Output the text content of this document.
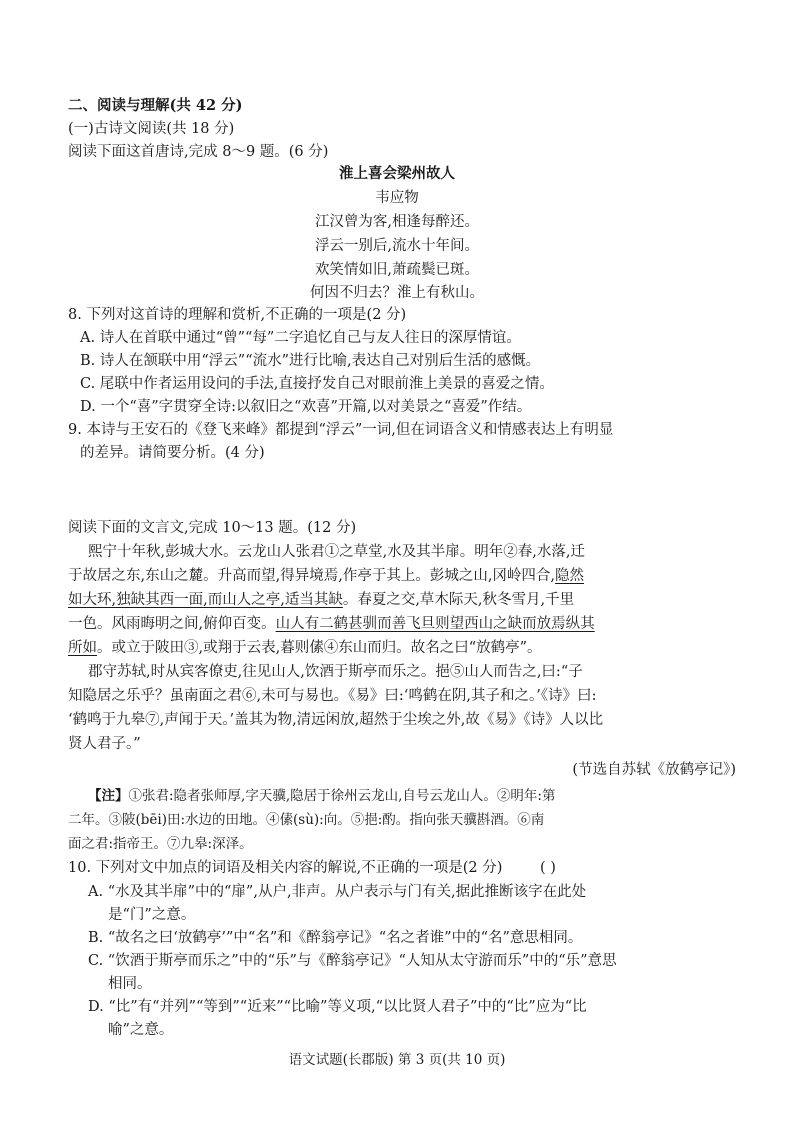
二、阅读与理解(共 42 分)
(一)古诗文阅读(共 18 分)
阅读下面这首唐诗,完成 8～9 题。(6 分)
淮上喜会梁州故人
韦应物
江汉曾为客,相逢每醉还。
浮云一别后,流水十年间。
欢笑情如旧,萧疏鬓已斑。
何因不归去？淮上有秋山。
8. 下列对这首诗的理解和赏析,不正确的一项是(2 分)
A. 诗人在首联中通过“曾”“每”二字追忆自己与友人往日的深厚情谊。
B. 诗人在颔联中用“浮云”“流水”进行比喻,表达自己对别后生活的感慨。
C. 尾联中作者运用设问的手法,直接抒发自己对眼前淮上美景的喜爱之情。
D. 一个“喜”字贯穿全诗:以叙旧之“欢喜”开篇,以对美景之“喜爱”作结。
9. 本诗与王安石的《登飞来峰》都提到“浮云”一词,但在词语含义和情感表达上有明显
的差异。请简要分析。(4 分)
阅读下面的文言文,完成 10～13 题。(12 分)
熙宁十年秋,彭城大水。云龙山人张君①之草堂,水及其半扉。明年②春,水落,迁
于故居之东,东山之麓。升高而望,得异境焉,作亭于其上。彭城之山,冈岭四合,隐然
如大环,独缺其西一面,而山人之亭,适当其缺。春夏之交,草木际天,秋冬雪月,千里
一色。风雨晦明之间,俯仰百变。山人有二鹤甚驯而善飞旦则望西山之缺而放焉纵其
所如。或立于陂田③,或翔于云表,暮则傃④东山而归。故名之曰“放鹤亭”。
郡守苏轼,时从宾客僚吏,往见山人,饮酒于斯亭而乐之。挹⑤山人而告之,曰:“子
知隐居之乐乎？虽南面之君⑥,未可与易也。《易》曰:‘鸣鹤在阴,其子和之。’《诗》曰:
‘鹤鸣于九皋⑦,声闻于天。’盖其为物,清远闲放,超然于尘埃之外,故《易》《诗》人以比
贤人君子。”
(节选自苏轼《放鹤亭记》)
【注】①张君:隐者张师厚,字天骥,隐居于徐州云龙山,自号云龙山人。②明年:第
二年。③陂(bēi)田:水边的田地。④傃(sù):向。⑤挹:酌。指向张天骥斟酒。⑥南
面之君:指帝王。⑦九皋:深泽。
10. 下列对文中加点的词语及相关内容的解说,不正确的一项是(2 分)	( )
A. “水及其半扉”中的“扉”,从户,非声。从户表示与门有关,据此推断该字在此处
是“门”之意。
B. “故名之曰‘放鹤亭’”中“名”和《醉翁亭记》“名之者谁”中的“名”意思相同。
C. “饮酒于斯亭而乐之”中的“乐”与《醉翁亭记》“人知从太守游而乐”中的“乐”意思
相同。
D. “比”有“并列”“等到”“近来”“比喻”等义项,“以比贤人君子”中的“比”应为“比
喻”之意。
语文试题(长郡版) 第 3 页(共 10 页)
